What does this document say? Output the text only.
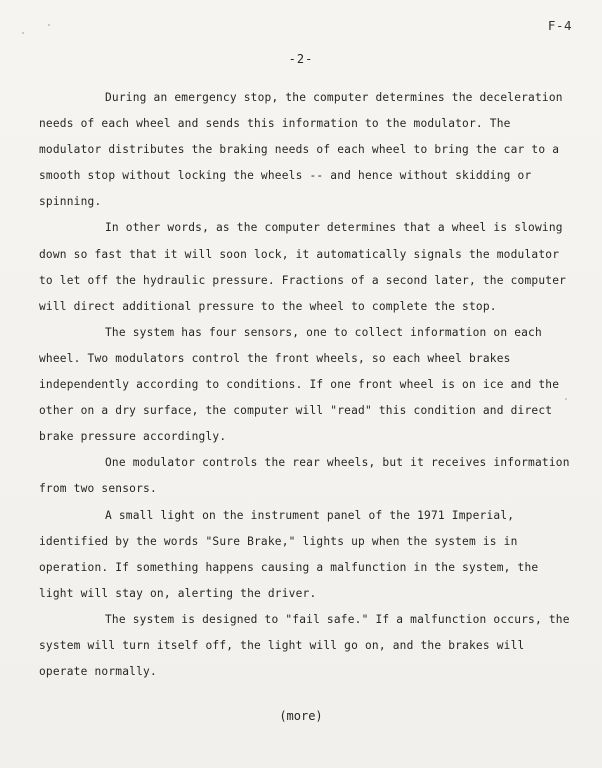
F-4
-2-

During an emergency stop, the computer determines the deceleration needs of each wheel and sends this information to the modulator. The modulator distributes the braking needs of each wheel to bring the car to a smooth stop without locking the wheels -- and hence without skidding or spinning.

In other words, as the computer determines that a wheel is slowing down so fast that it will soon lock, it automatically signals the modulator to let off the hydraulic pressure. Fractions of a second later, the computer will direct additional pressure to the wheel to complete the stop.

The system has four sensors, one to collect information on each wheel. Two modulators control the front wheels, so each wheel brakes independently according to conditions. If one front wheel is on ice and the other on a dry surface, the computer will "read" this condition and direct brake pressure accordingly.

One modulator controls the rear wheels, but it receives information from two sensors.

A small light on the instrument panel of the 1971 Imperial, identified by the words "Sure Brake," lights up when the system is in operation. If something happens causing a malfunction in the system, the light will stay on, alerting the driver.

The system is designed to "fail safe." If a malfunction occurs, the system will turn itself off, the light will go on, and the brakes will operate normally.

(more)
